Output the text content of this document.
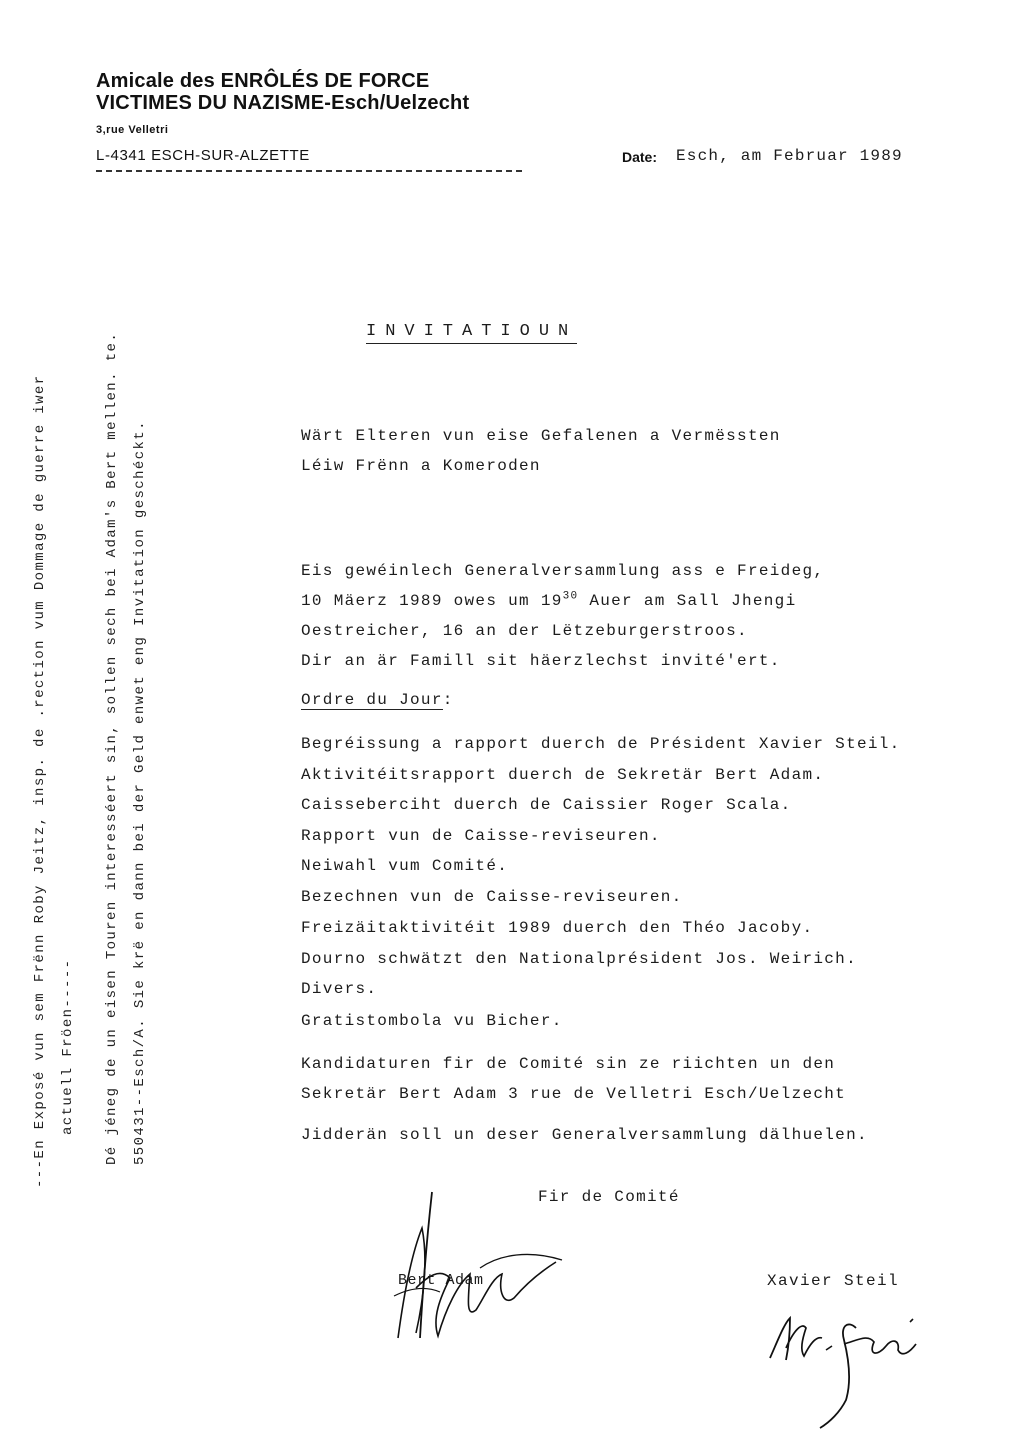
Amicale des ENRÔLÉS DE FORCE
VICTIMES DU NAZISME-Esch/Uelzecht
3,rue Velletri
L-4341 ESCH-SUR-ALZETTE	Date: Esch, am Februar 1989
---En Exposé vun sem Frënn Roby Jeitz, insp. de .rection vum Dommage de guerre iwer actuell Fröen----- Dé jéneg de un eisen Touren interesséert sin, sollen sech bei Adam's Bert mellen. te. 550431--Esch/A. Sie krë en dann bei der Geld enwet eng Invitation geschéckt.
INVITATIOUN
Wärt Elteren vun eise Gefalenen a Vermëssten
Léiw Frënn a Komeroden
Eis gewéinlech Generalversammlung ass e Freideg,
10 Mäerz 1989 owes um $19^{30}$ Auer am Sall Jhengi
Oestreicher, 16 an der Lëtzeburgerstroos.
Dir an är Famill sit häerzlechst invité'ert.
Ordre du Jour:
Begréissung a rapport duerch de Président Xavier Steil.
Aktivitéitsrapport duerch de Sekretär Bert Adam.
Caisseberciht duerch de Caissier Roger Scala.
Rapport vun de Caisse-reviseuren.
Neiwahl vum Comité.
Bezechnen vun de Caisse-reviseuren.
Freizäitaktivitéit 1989 duerch den Théo Jacoby.
Dourno schwätzt den Nationalprésident Jos. Weirich.
Divers.
Gratistombola vu Bicher.
Kandidaturen fir de Comité sin ze riichten un den
Sekretär Bert Adam 3 rue de Velletri Esch/Uelzecht
Jidderän soll un deser Generalversammlung dälhuelen.
Fir de Comité
Bert Adam	Xavier Steil
